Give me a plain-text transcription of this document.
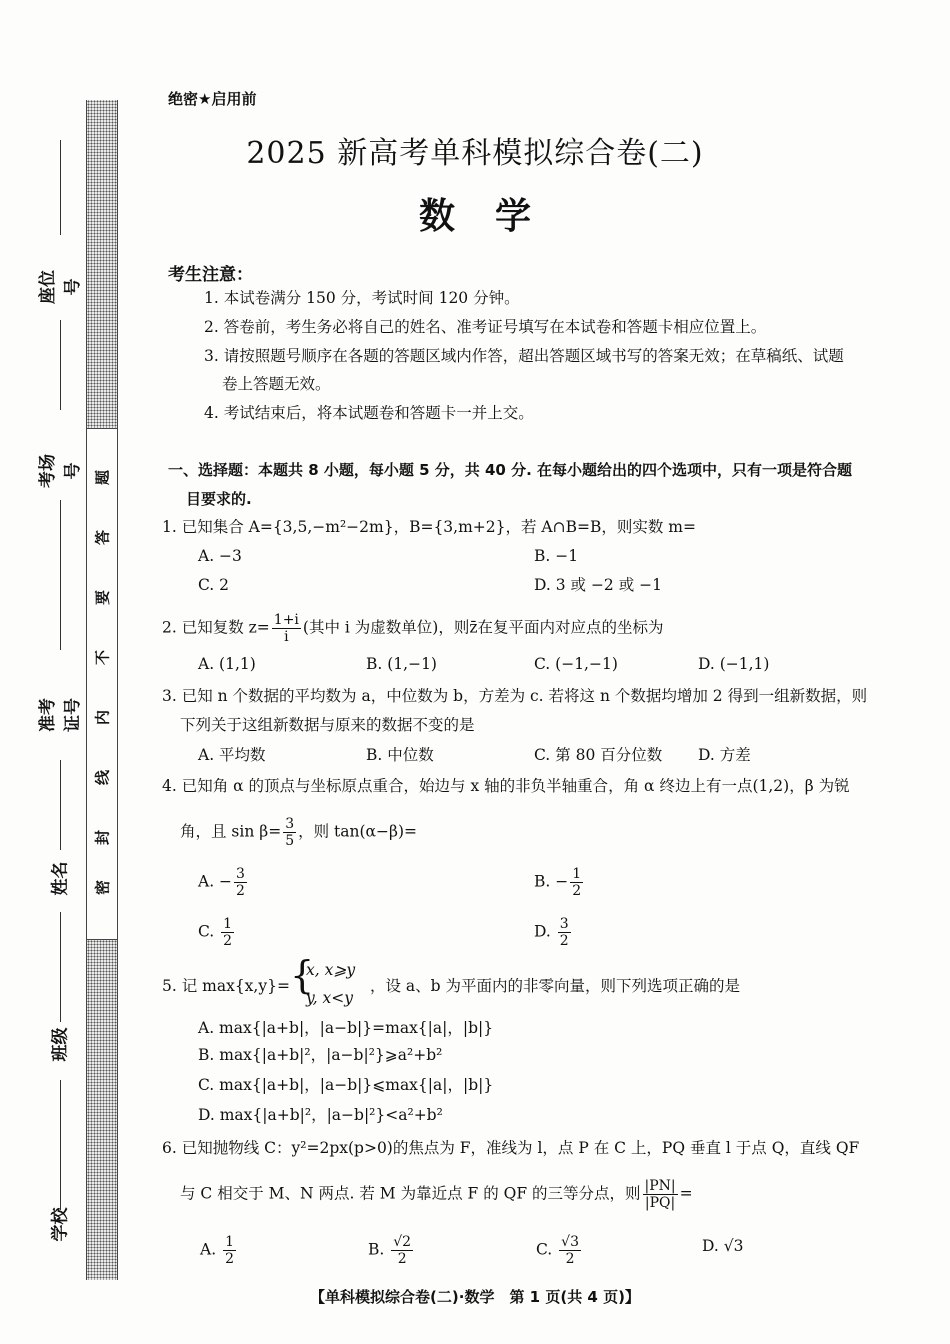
题
答
要
不
内
线
封
密
座位号
考场号
准考证号
姓名
班级
学校
绝密★启用前
2025 新高考单科模拟综合卷(二)
数学
考生注意：
1. 本试卷满分 150 分，考试时间 120 分钟。
2. 答卷前，考生务必将自己的姓名、准考证号填写在本试卷和答题卡相应位置上。
3. 请按照题号顺序在各题的答题区域内作答，超出答题区域书写的答案无效；在草稿纸、试题
卷上答题无效。
4. 考试结束后，将本试题卷和答题卡一并上交。
一、选择题：本题共 8 小题，每小题 5 分，共 40 分. 在每小题给出的四个选项中，只有一项是符合题
目要求的.
1. 已知集合 A={3,5,−m²−2m}，B={3,m+2}，若 A∩B=B，则实数 m=
A. −3	B. −1
C. 2	D. 3 或 −2 或 −1
2. 已知复数 $z= \frac{1+i}{i}$ (其中 i 为虚数单位)，则z̄在复平面内对应点的坐标为
A. (1,1)	B. (1,−1)	C. (−1,−1)	D. (−1,1)
3. 已知 n 个数据的平均数为 a，中位数为 b，方差为 c. 若将这 n 个数据均增加 2 得到一组新数据，则
下列关于这组新数据与原来的数据不变的是
A. 平均数	B. 中位数	C. 第 80 百分位数 D. 方差
4. 已知角 α 的顶点与坐标原点重合，始边与 x 轴的非负半轴重合，角 α 终边上有一点(1,2)，β 为锐
角，且 $\sin \beta= \frac{3}{5}$ ，则 tan(α−β)=
A. − $\frac{3}{2}$	B. − $\frac{1}{2}$
C. $\frac{1}{2}$	D. $\frac{3}{2}$
5. 记 max{x,y}= {
x, x⩾y
y, x<y
，设 a、b 为平面内的非零向量，则下列选项正确的是
A. max{|a+b|，|a−b|}=max{|a|，|b|}
B. max{|a+b|²，|a−b|²}⩾a²+b²
C. max{|a+b|，|a−b|}⩽max{|a|，|b|}
D. max{|a+b|²，|a−b|²}<a²+b²
6. 已知抛物线 C：y²=2px(p>0)的焦点为 F，准线为 l，点 P 在 C 上，PQ 垂直 l 于点 Q，直线 QF
与 C 相交于 M、N 两点. 若 M 为靠近点 F 的 QF 的三等分点，则 $\frac{|PN|}{|PQ|}$ =
A. $\frac{1}{2}$	B. $\frac{√2}{2}$	C. $\frac{√3}{2}$	D. √3
【单科模拟综合卷(二)·数学　第 1 页(共 4 页)】
